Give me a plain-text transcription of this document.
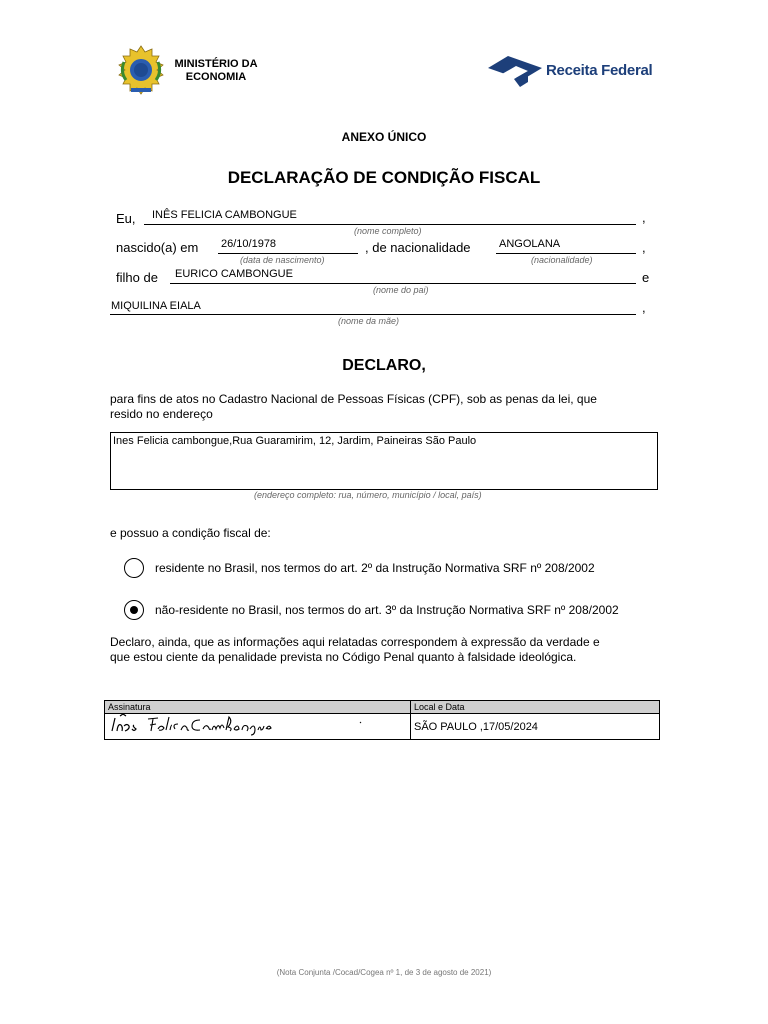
MINISTÉRIO DA
ECONOMIA	Receita Federal
ANEXO ÚNICO
DECLARAÇÃO DE CONDIÇÃO FISCAL
Eu, INÊS FELICIA CAMBONGUE	,
(nome completo)
nascido(a) em 26/10/1978
(data de nascimento)
, de nacionalidade	ANGOLANA	,
(nacionalidade)
filho de EURICO CAMBONGUE	e
(nome do pai)
MIQUILINA EIALA	,
(nome da mãe)
DECLARO,
para fins de atos no Cadastro Nacional de Pessoas Físicas (CPF), sob as penas da lei, que
resido no endereço
Ines Felicia cambongue,Rua Guaramirim, 12, Jardim, Paineiras São Paulo
(endereço completo: rua, número, município / local, país)
e possuo a condição fiscal de:
residente no Brasil, nos termos do art. 2º da Instrução Normativa SRF nº 208/2002
não-residente no Brasil, nos termos do art. 3º da Instrução Normativa SRF nº 208/2002
Declaro, ainda, que as informações aqui relatadas correspondem à expressão da verdade e
que estou ciente da penalidade prevista no Código Penal quanto à falsidade ideológica.
Assinatura	Local e Data
	SÃO PAULO ,17/05/2024
(Nota Conjunta /Cocad/Cogea nº 1, de 3 de agosto de 2021)
